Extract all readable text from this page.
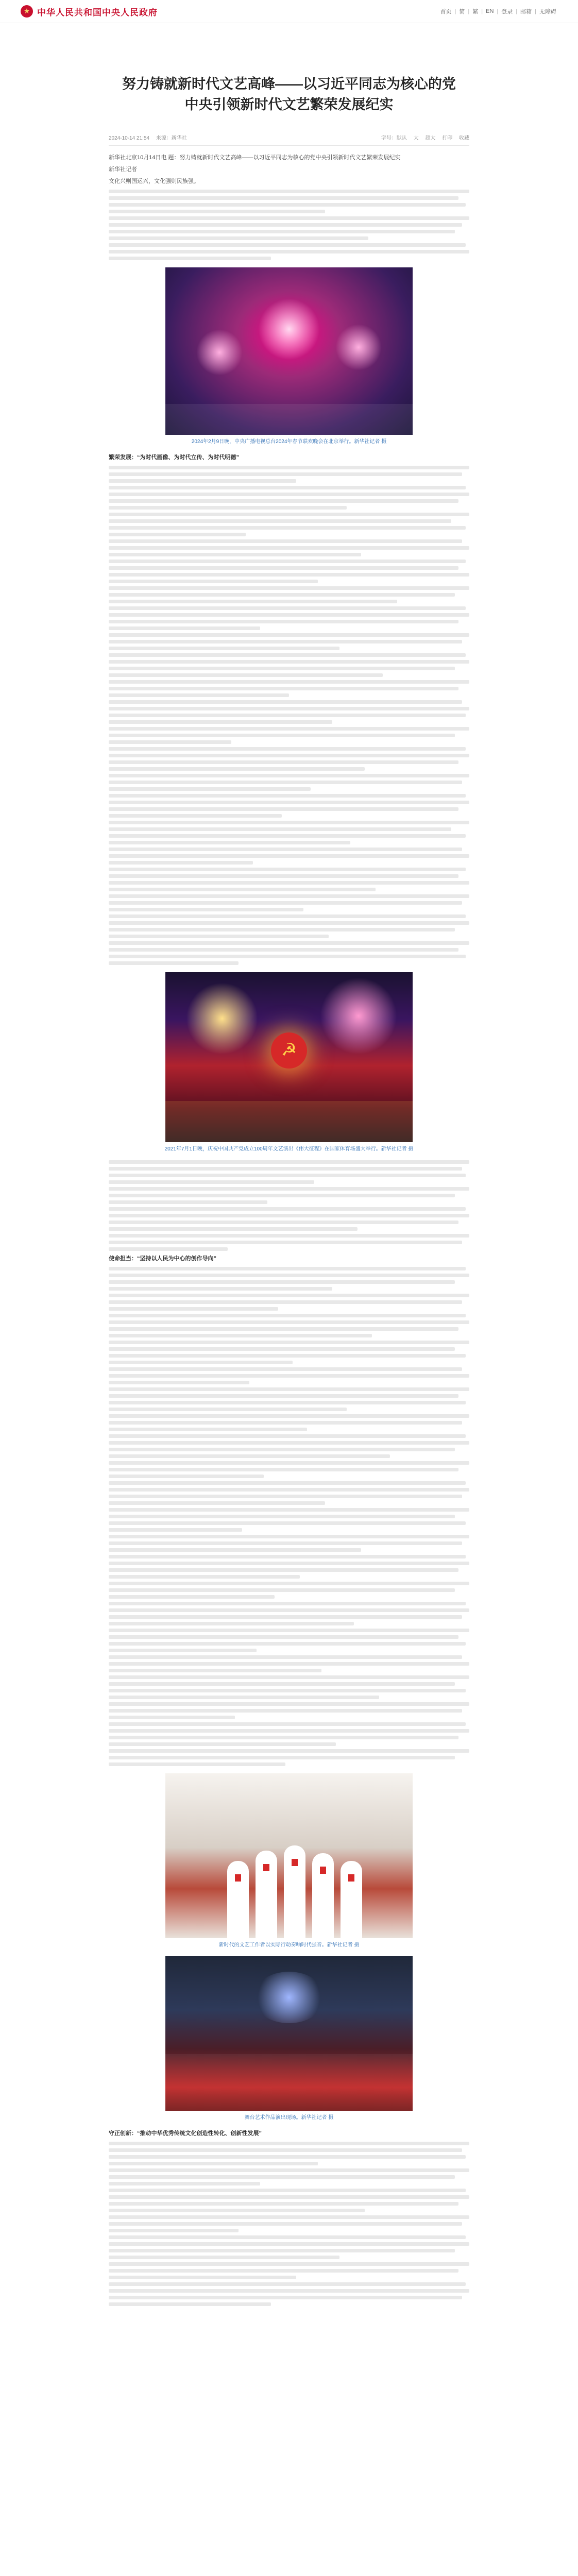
★
中华人民共和国中央人民政府	首页 | 简 | 繁 | EN | 登录 | 邮箱 | 无障碍
努力铸就新时代文艺高峰——以习近平同志为核心的党
中央引领新时代文艺繁荣发展纪实
2024-10-14 21:54 来源：新华社	字号：默认 大 超大 打印 收藏

新华社北京10月14日电 题：努力铸就新时代文艺高峰——以习近平同志为核心的党中央引领新时代文艺繁荣发展纪实

新华社记者

文化兴则国运兴，文化强则民族强。

2024年2月9日晚，中央广播电视总台2024年春节联欢晚会在北京举行。新华社记者 摄

繁荣发展：“为时代画像、为时代立传、为时代明德”

☭

2021年7月1日晚，庆祝中国共产党成立100周年文艺演出《伟大征程》在国家体育场盛大举行。新华社记者 摄

使命担当：“坚持以人民为中心的创作导向”

新时代的文艺工作者以实际行动奏响时代强音。新华社记者 摄

舞台艺术作品演出现场。新华社记者 摄

守正创新：“推动中华优秀传统文化创造性转化、创新性发展”
